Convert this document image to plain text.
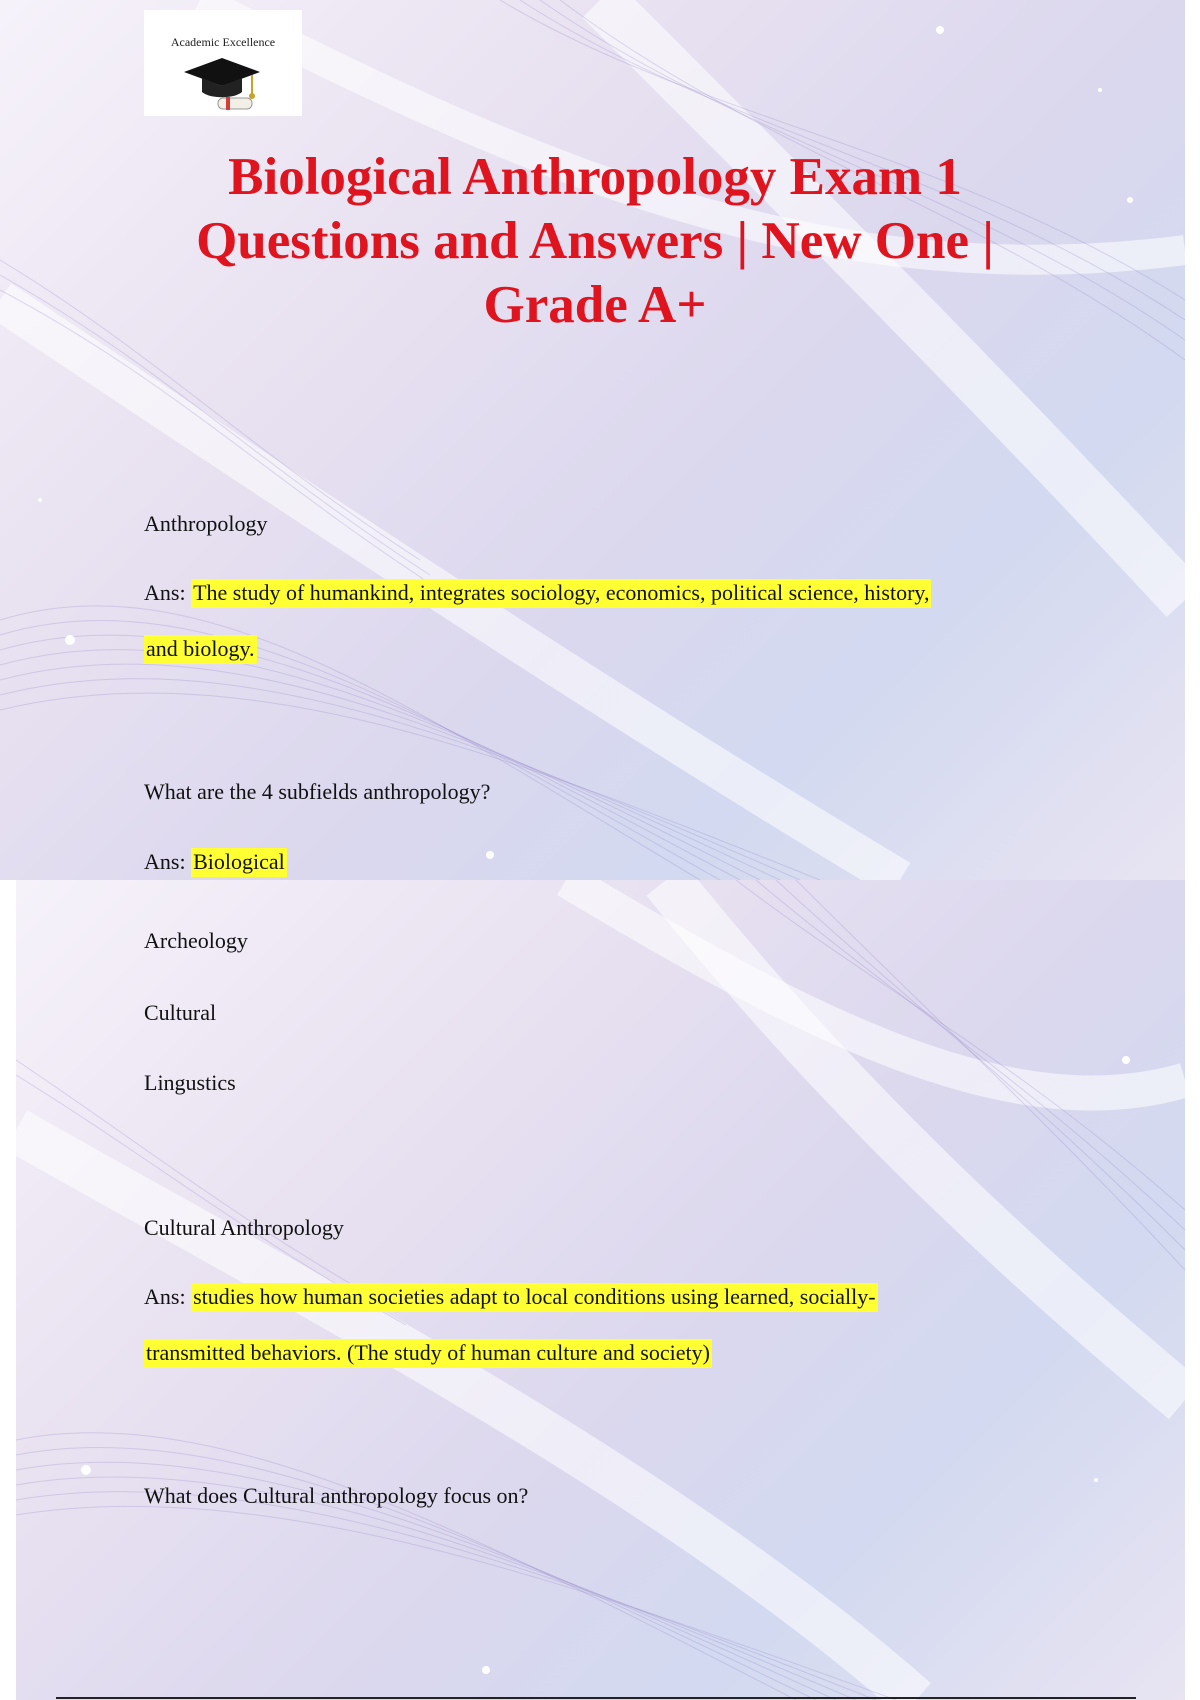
Academic Excellence
Biological Anthropology Exam 1 Questions and Answers | New One | Grade A+
Anthropology
Ans: The study of humankind, integrates sociology, economics, political science, history,
and biology.
What are the 4 subfields anthropology?
Ans: Biological
Archeology
Cultural
Lingustics
Cultural Anthropology
Ans: studies how human societies adapt to local conditions using learned, socially-
transmitted behaviors. (The study of human culture and society)
What does Cultural anthropology focus on?
